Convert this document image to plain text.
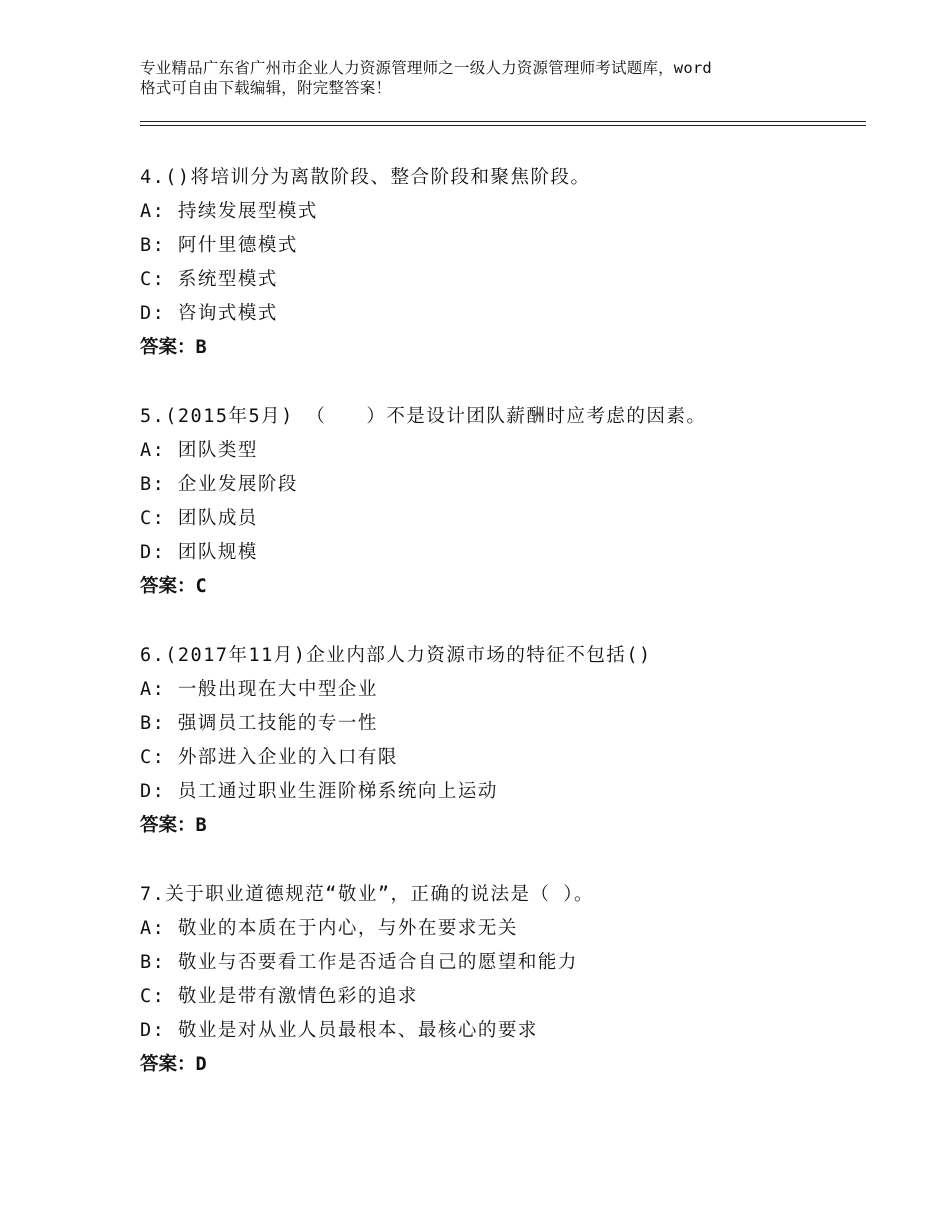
专业精品广东省广州市企业人力资源管理师之一级人力资源管理师考试题库，word
格式可自由下载编辑，附完整答案！
4.()将培训分为离散阶段、整合阶段和聚焦阶段。
A: 持续发展型模式
B: 阿什里德模式
C: 系统型模式
D: 咨询式模式
答案：B
5.(2015年5月) （　　）不是设计团队薪酬时应考虑的因素。
A: 团队类型
B: 企业发展阶段
C: 团队成员
D: 团队规模
答案：C
6.(2017年11月)企业内部人力资源市场的特征不包括()
A: 一般出现在大中型企业
B: 强调员工技能的专一性
C: 外部进入企业的入口有限
D: 员工通过职业生涯阶梯系统向上运动
答案：B
7.关于职业道德规范“敬业”，正确的说法是（ ）。
A: 敬业的本质在于内心，与外在要求无关
B: 敬业与否要看工作是否适合自己的愿望和能力
C: 敬业是带有激情色彩的追求
D: 敬业是对从业人员最根本、最核心的要求
答案：D
